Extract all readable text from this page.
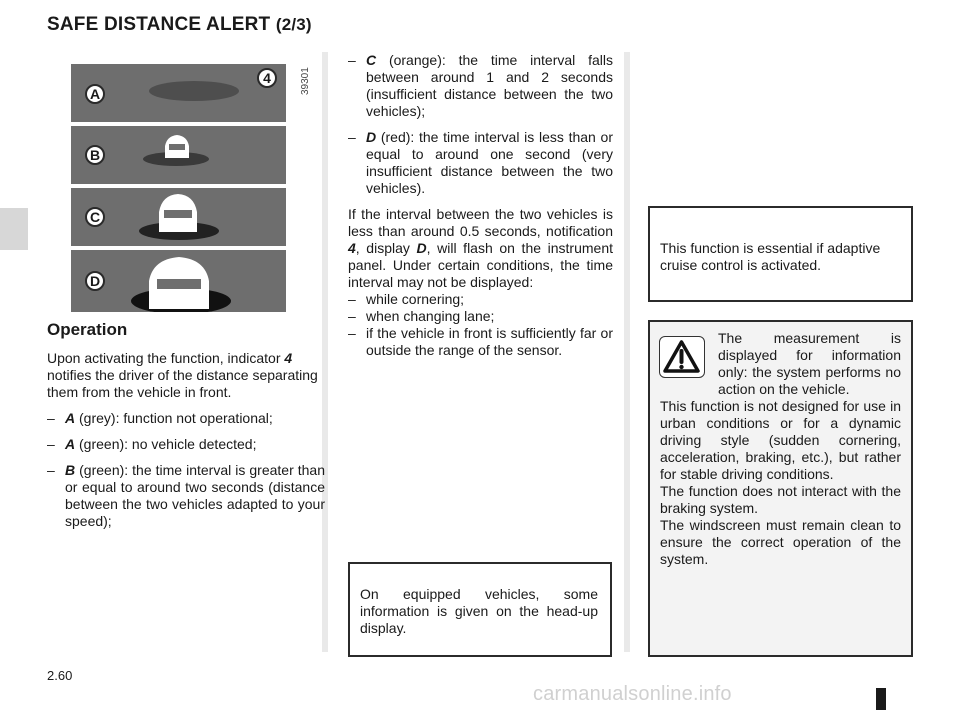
SAFE DISTANCE ALERT (2/3)
A
4
B
C
D
39301
Operation

Upon activating the function, indicator 4 notifies the driver of the distance separating them from the vehicle in front.

– A (grey): function not operational;

– A (green): no vehicle detected;

– B (green): the time interval is greater than or equal to around two seconds (distance between the two vehicles adapted to your speed);

– C (orange): the time interval falls between around 1 and 2 seconds (insufficient distance between the two vehicles);

– D (red): the time interval is less than or equal to around one second (very insufficient distance between the two vehicles).

If the interval between the two vehicles is less than around 0.5 seconds, notification 4, display D, will flash on the instrument panel. Under certain conditions, the time interval may not be displayed:

– while cornering;
– when changing lane;
– if the vehicle in front is sufficiently far or outside the range of the sensor.
On equipped vehicles, some information is given on the head-up display.
This function is essential if adaptive cruise control is activated.
The measurement is displayed for information only: the system performs no action on the vehicle.
This function is not designed for use in urban conditions or for a dynamic driving style (sudden cornering, acceleration, braking, etc.), but rather for stable driving conditions.
The function does not interact with the braking system.
The windscreen must remain clean to ensure the correct operation of the system.
2.60
carmanualsonline.info
